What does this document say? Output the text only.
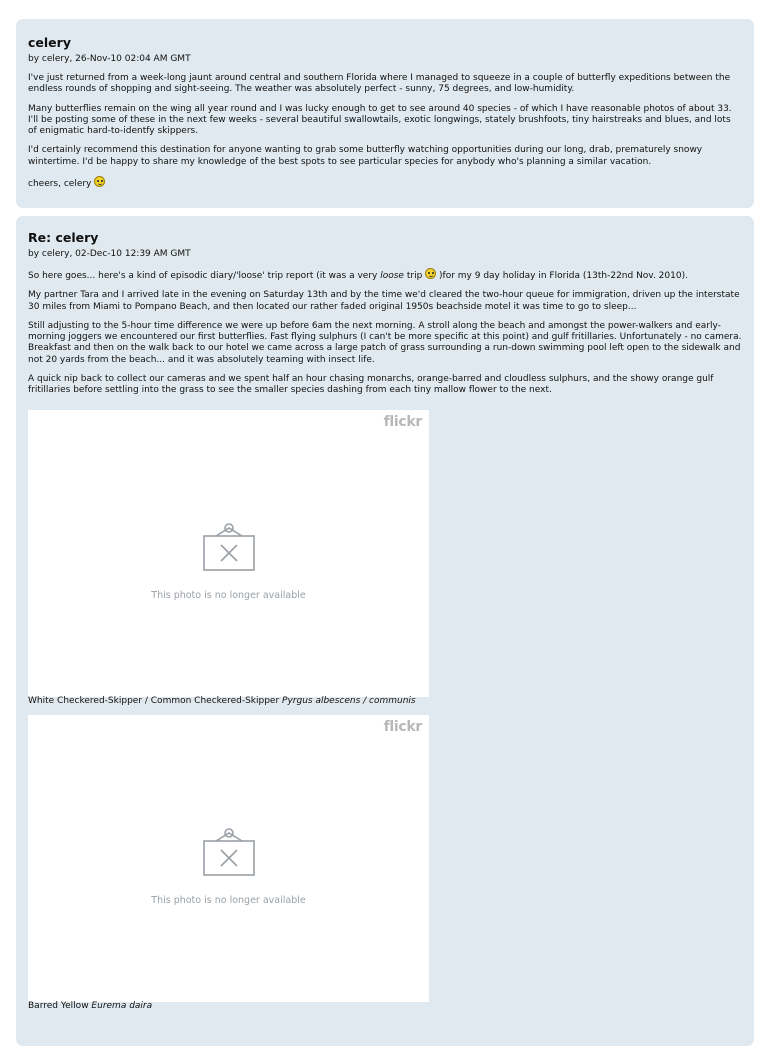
celery
by celery, 26-Nov-10 02:04 AM GMT
I've just returned from a week-long jaunt around central and southern Florida where I managed to squeeze in a couple of butterfly expeditions between the endless rounds of shopping and sight-seeing. The weather was absolutely perfect - sunny, 75 degrees, and low-humidity.
Many butterflies remain on the wing all year round and I was lucky enough to get to see around 40 species - of which I have reasonable photos of about 33. I'll be posting some of these in the next few weeks - several beautiful swallowtails, exotic longwings, stately brushfoots, tiny hairstreaks and blues, and lots of enigmatic hard-to-identfy skippers.
I'd certainly recommend this destination for anyone wanting to grab some butterfly watching opportunities during our long, drab, prematurely snowy wintertime. I'd be happy to share my knowledge of the best spots to see particular species for anybody who's planning a similar vacation.
cheers, celery
Re: celery
by celery, 02-Dec-10 12:39 AM GMT
So here goes... here's a kind of episodic diary/'loose' trip report (it was a very loose trip  )for my 9 day holiday in Florida (13th-22nd Nov. 2010).
My partner Tara and I arrived late in the evening on Saturday 13th and by the time we'd cleared the two-hour queue for immigration, driven up the interstate 30 miles from Miami to Pompano Beach, and then located our rather faded original 1950s beachside motel it was time to go to sleep...
Still adjusting to the 5-hour time difference we were up before 6am the next morning. A stroll along the beach and amongst the power-walkers and early-morning joggers we encountered our first butterflies. Fast flying sulphurs (I can't be more specific at this point) and gulf fritillaries. Unfortunately - no camera. Breakfast and then on the walk back to our hotel we came across a large patch of grass surrounding a run-down swimming pool left open to the sidewalk and not 20 yards from the beach... and it was absolutely teaming with insect life.
A quick nip back to collect our cameras and we spent half an hour chasing monarchs, orange-barred and cloudless sulphurs, and the showy orange gulf fritillaries before settling into the grass to see the smaller species dashing from each tiny mallow flower to the next.
flickr
This photo is no longer available
White Checkered-Skipper / Common Checkered-Skipper Pyrgus albescens / communis
flickr
This photo is no longer available
Barred Yellow Eurema daira
